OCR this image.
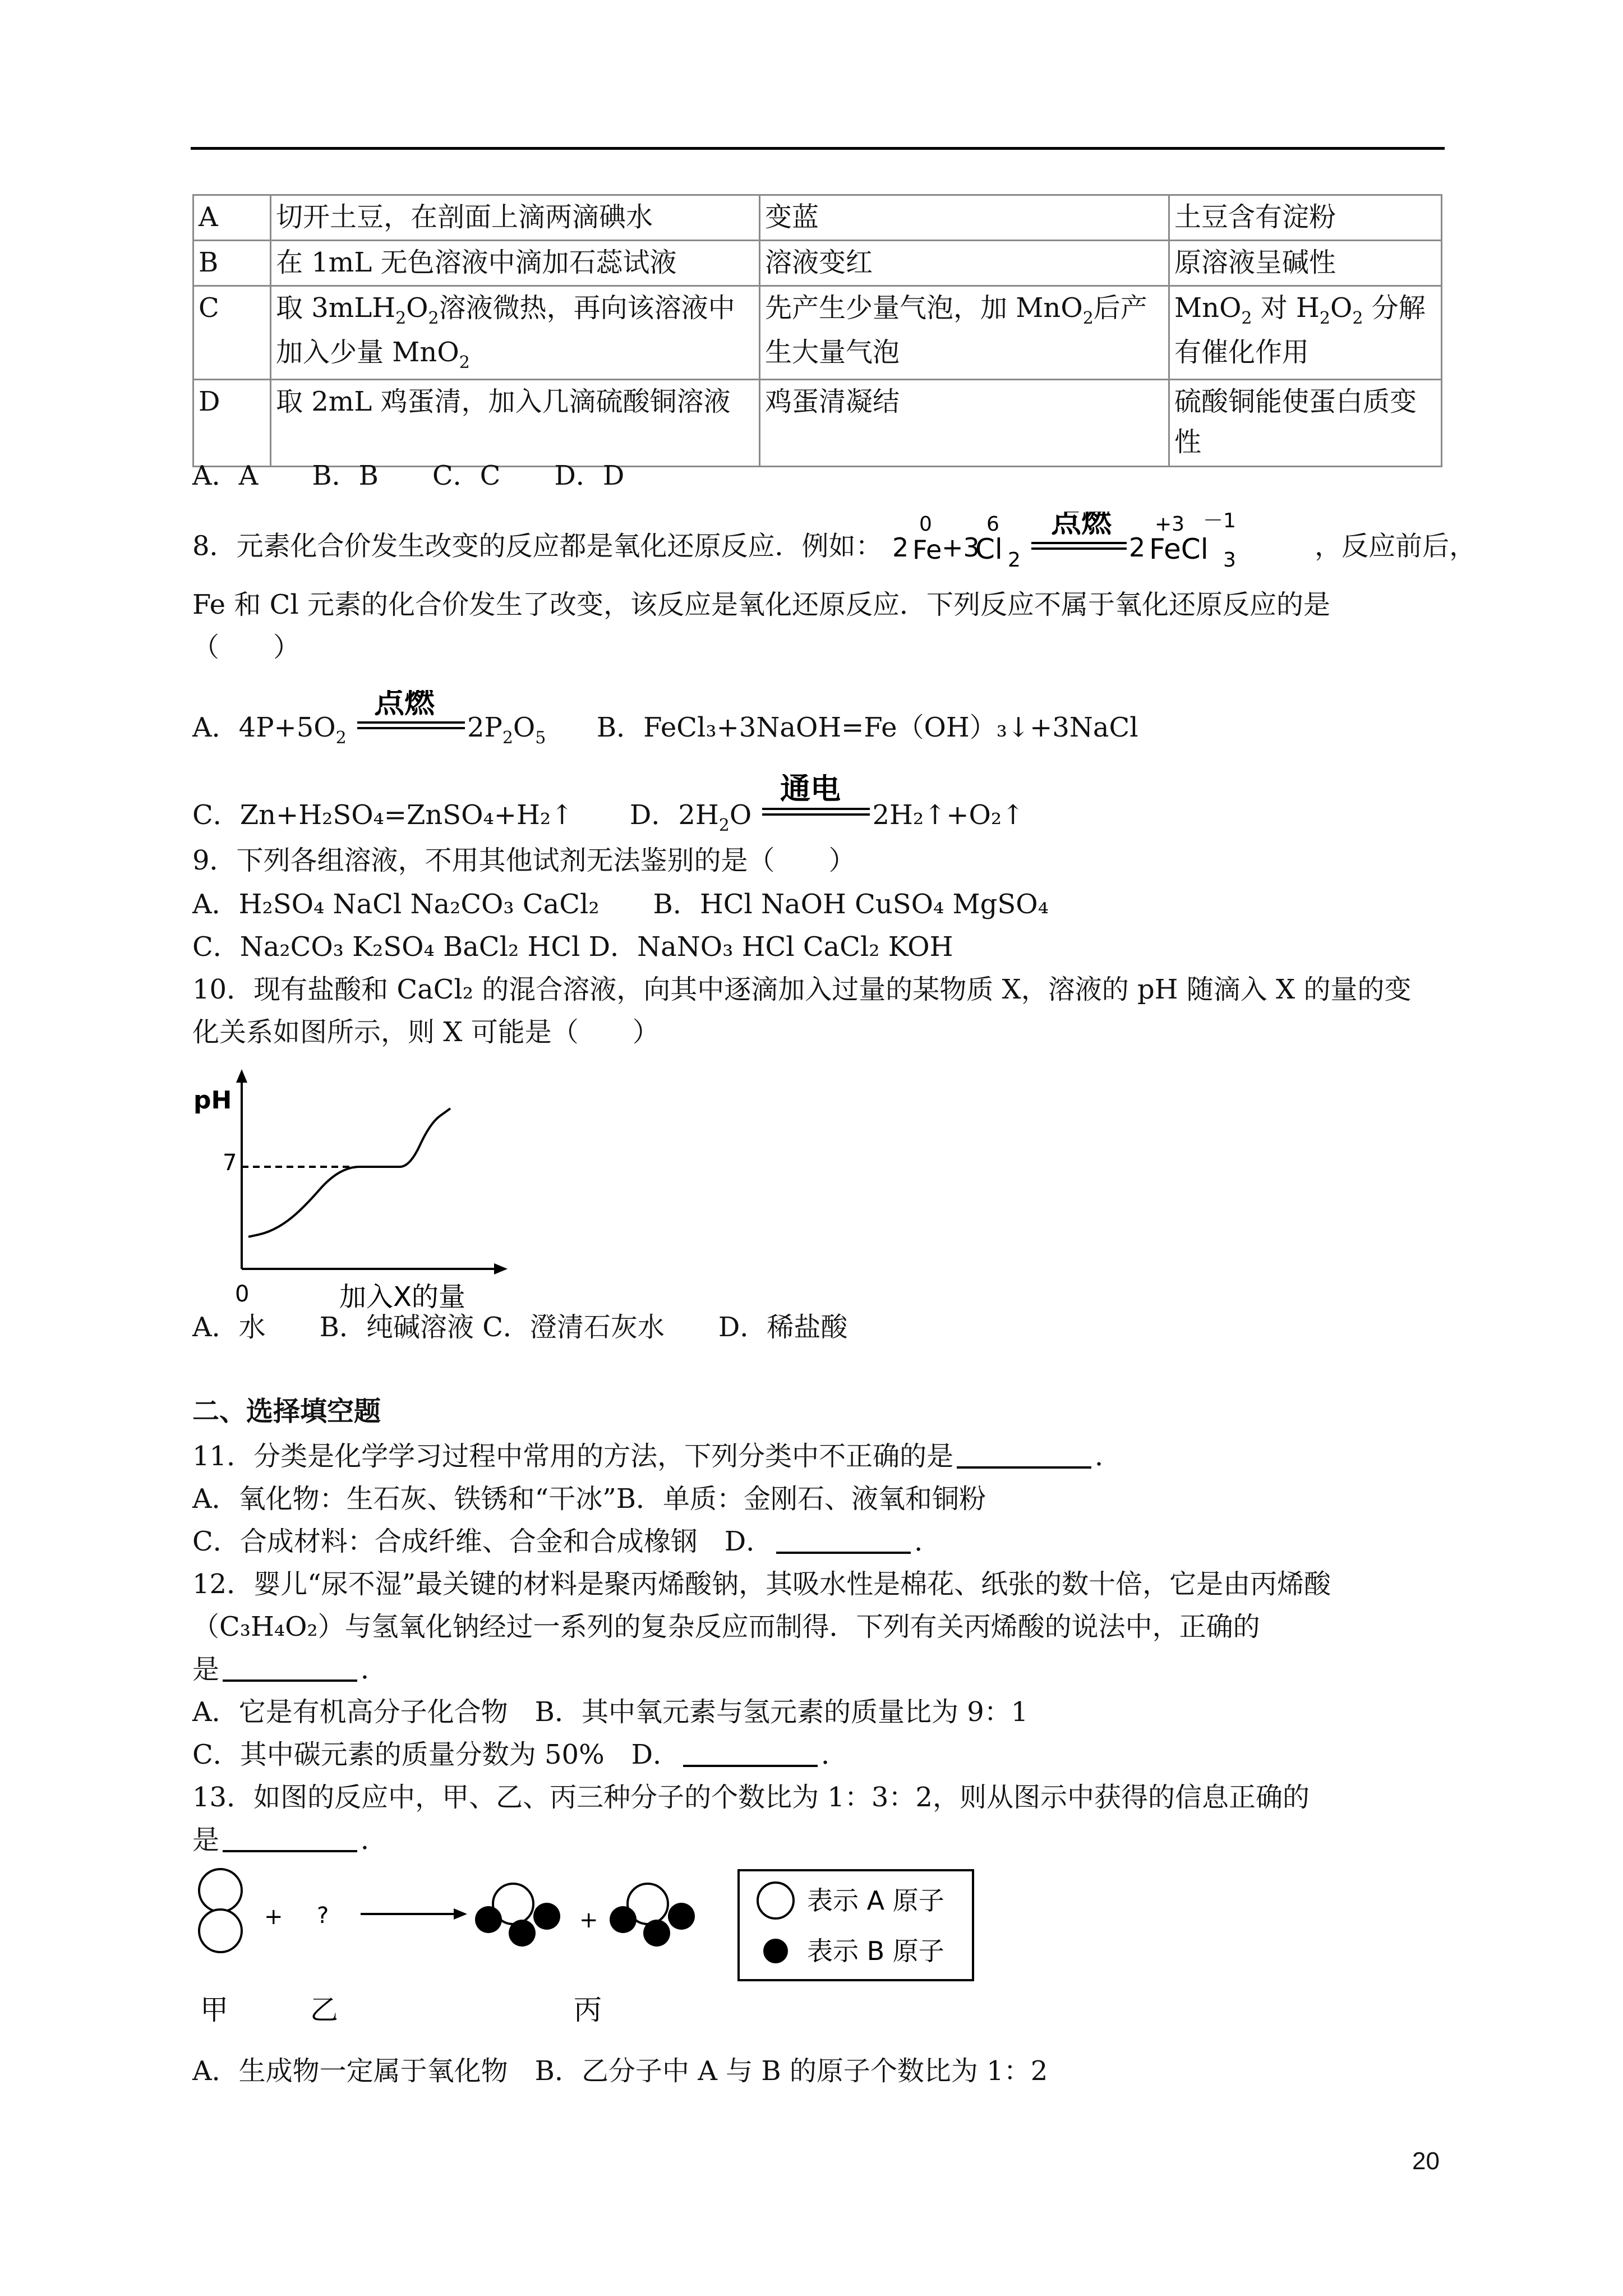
A	切开土豆，在剖面上滴两滴碘水	变蓝	土豆含有淀粉
B	在 1mL 无色溶液中滴加石蕊试液	溶液变红	原溶液呈碱性
C	取 $3mLH_2O_2$溶液微热，再向该溶液中加入少量 MnO$_2$	先产生少量气泡，加 MnO$_2$后产生大量气泡	MnO$_2$ 对 $H_2O_2$ 分解有催化作用
D	取 2mL 鸡蛋清，加入几滴硫酸铜溶液	鸡蛋清凝结	硫酸铜能使蛋白质变性
A．A　　B．B　　C．C　　D．D
8．元素化合价发生改变的反应都是氧化还原反应．例如： 2 Fe
0
+3
Cl 2
6 点燃
2 FeCl 3
+3 －1
，反应前后，
Fe 和 Cl 元素的化合价发生了改变，该反应是氧化还原反应．下列反应不属于氧化还原反应的是
（　　）
A．$4P+5O_2$
点燃
$2P_2O_5$ B．FeCl₃+3NaOH=Fe（OH）₃↓+3NaCl
C．Zn+H₂SO₄=ZnSO₄+H₂↑ D．$2H_2O$
通电
2H₂↑+O₂↑
9．下列各组溶液，不用其他试剂无法鉴别的是（　　）
A．H₂SO₄ NaCl Na₂CO₃ CaCl₂　　B．HCl NaOH CuSO₄ MgSO₄
C．Na₂CO₃ K₂SO₄ BaCl₂ HCl D．NaNO₃ HCl CaCl₂ KOH
10．现有盐酸和 CaCl₂ 的混合溶液，向其中逐滴加入过量的某物质 X，溶液的 pH 随滴入 X 的量的变
化关系如图所示，则 X 可能是（　　）
pH
7
0	加入X的量
A．水　　B．纯碱溶液 C．澄清石灰水　　D．稀盐酸
二、选择填空题
11．分类是化学学习过程中常用的方法，下列分类中不正确的是	．
A．氧化物：生石灰、铁锈和“干冰”B．单质：金刚石、液氧和铜粉
C．合成材料：合成纤维、合金和合成橡钢　D．	．
12．婴儿“尿不湿”最关键的材料是聚丙烯酸钠，其吸水性是棉花、纸张的数十倍，它是由丙烯酸
（C₃H₄O₂）与氢氧化钠经过一系列的复杂反应而制得．下列有关丙烯酸的说法中，正确的
是	．
A．它是有机高分子化合物　B．其中氧元素与氢元素的质量比为 9：1
C．其中碳元素的质量分数为 50%　D．	．
13．如图的反应中，甲、乙、丙三种分子的个数比为 1：3：2，则从图示中获得的信息正确的
是	．
+ ?	+
表示 A 原子
表示 B 原子
甲	乙	丙
A．生成物一定属于氧化物　B．乙分子中 A 与 B 的原子个数比为 1：2
20
